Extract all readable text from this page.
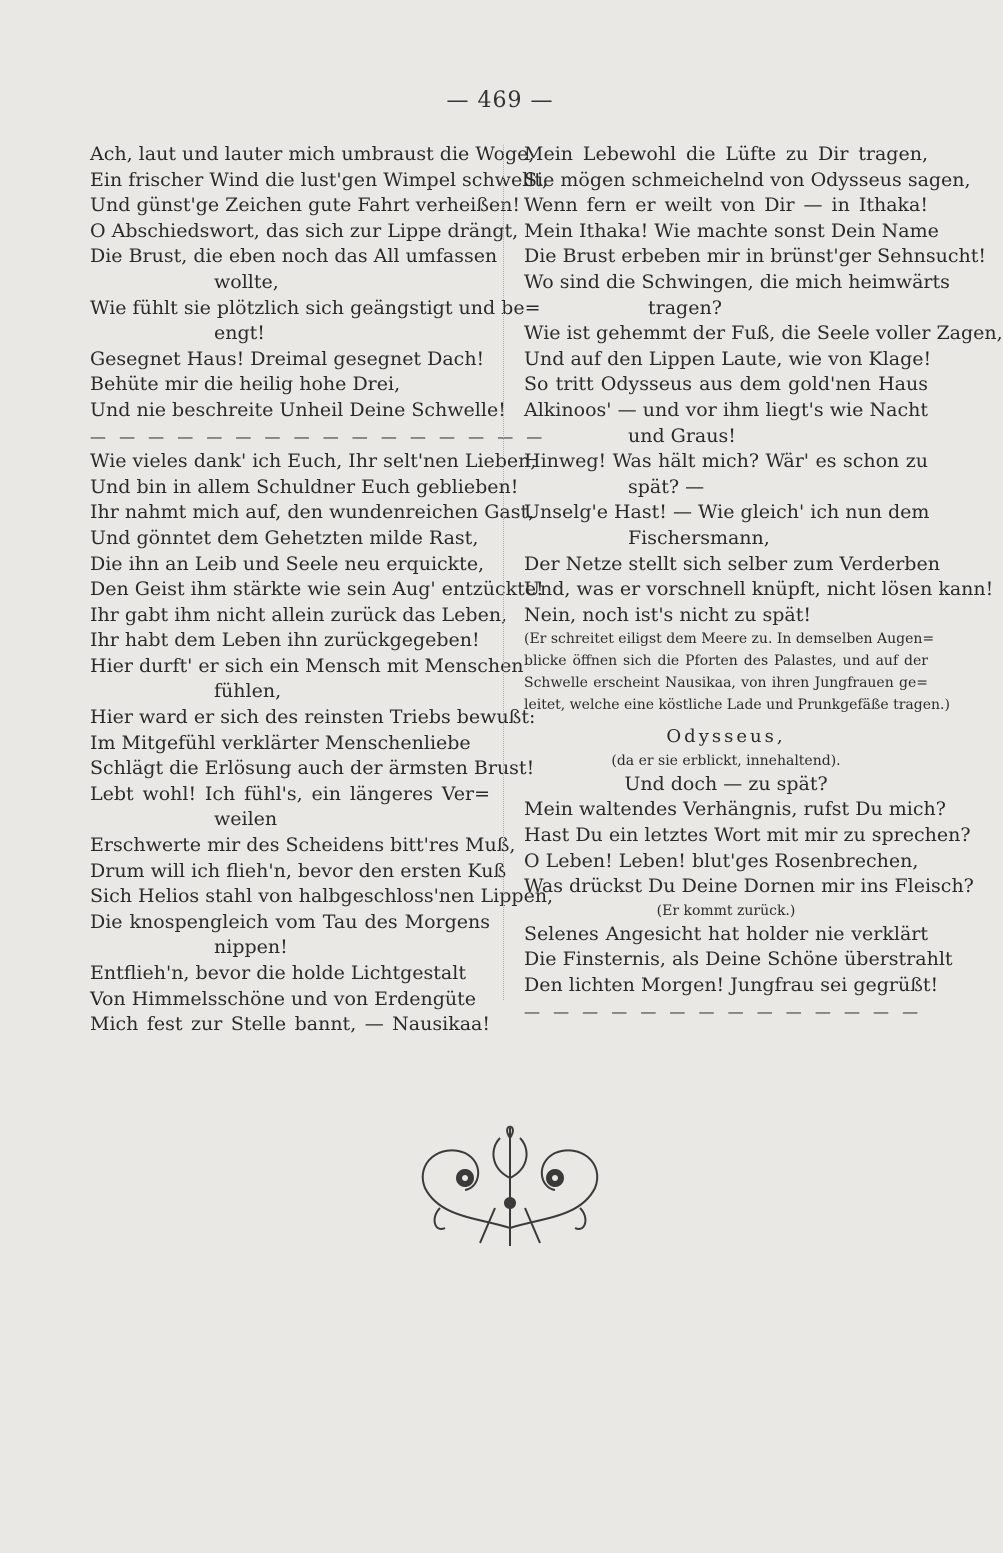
— 469 —
Ach, laut und lauter mich umbraust die Woge,
Ein frischer Wind die lust'gen Wimpel schwellt,
Und günst'ge Zeichen gute Fahrt verheißen!
O Abschiedswort, das sich zur Lippe drängt,
Die Brust, die eben noch das All umfassen
wollte,
Wie fühlt sie plötzlich sich geängstigt und be=
engt!
Gesegnet Haus! Dreimal gesegnet Dach!
Behüte mir die heilig hohe Drei,
Und nie beschreite Unheil Deine Schwelle!
— — — — — — — — — — — — — — — —
Wie vieles dank' ich Euch, Ihr selt'nen Lieben,
Und bin in allem Schuldner Euch geblieben!
Ihr nahmt mich auf, den wundenreichen Gast,
Und gönntet dem Gehetzten milde Rast,
Die ihn an Leib und Seele neu erquickte,
Den Geist ihm stärkte wie sein Aug' entzückte!
Ihr gabt ihm nicht allein zurück das Leben,
Ihr habt dem Leben ihn zurückgegeben!
Hier durft' er sich ein Mensch mit Menschen
fühlen,
Hier ward er sich des reinsten Triebs bewußt:
Im Mitgefühl verklärter Menschenliebe
Schlägt die Erlösung auch der ärmsten Brust!
Lebt wohl! Ich fühl's, ein längeres Ver=
weilen
Erschwerte mir des Scheidens bitt'res Muß,
Drum will ich flieh'n, bevor den ersten Kuß
Sich Helios stahl von halbgeschloss'nen Lippen,
Die knospengleich vom Tau des Morgens
nippen!
Entflieh'n, bevor die holde Lichtgestalt
Von Himmelsschöne und von Erdengüte
Mich fest zur Stelle bannt, — Nausikaa!
Mein Lebewohl die Lüfte zu Dir tragen,
Sie mögen schmeichelnd von Odysseus sagen,
Wenn fern er weilt von Dir — in Ithaka!
Mein Ithaka! Wie machte sonst Dein Name
Die Brust erbeben mir in brünst'ger Sehnsucht!
Wo sind die Schwingen, die mich heimwärts
tragen?
Wie ist gehemmt der Fuß, die Seele voller Zagen,
Und auf den Lippen Laute, wie von Klage!
So tritt Odysseus aus dem gold'nen Haus
Alkinoos' — und vor ihm liegt's wie Nacht
und Graus!
Hinweg! Was hält mich? Wär' es schon zu
spät? —
Unselg'e Hast! — Wie gleich' ich nun dem
Fischersmann,
Der Netze stellt sich selber zum Verderben
Und, was er vorschnell knüpft, nicht lösen kann!
Nein, noch ist's nicht zu spät!
(Er schreitet eiligst dem Meere zu. In demselben Augen=
blicke öffnen sich die Pforten des Palastes, und auf der
Schwelle erscheint Nausikaa, von ihren Jungfrauen ge=
leitet, welche eine köstliche Lade und Prunkgefäße tragen.)
Odysseus,
(da er sie erblickt, innehaltend).
Und doch — zu spät?
Mein waltendes Verhängnis, rufst Du mich?
Hast Du ein letztes Wort mit mir zu sprechen?
O Leben! Leben! blut'ges Rosenbrechen,
Was drückst Du Deine Dornen mir ins Fleisch?
(Er kommt zurück.)
Selenes Angesicht hat holder nie verklärt
Die Finsternis, als Deine Schöne überstrahlt
Den lichten Morgen! Jungfrau sei gegrüßt!
— — — — — — — — — — — — — —
